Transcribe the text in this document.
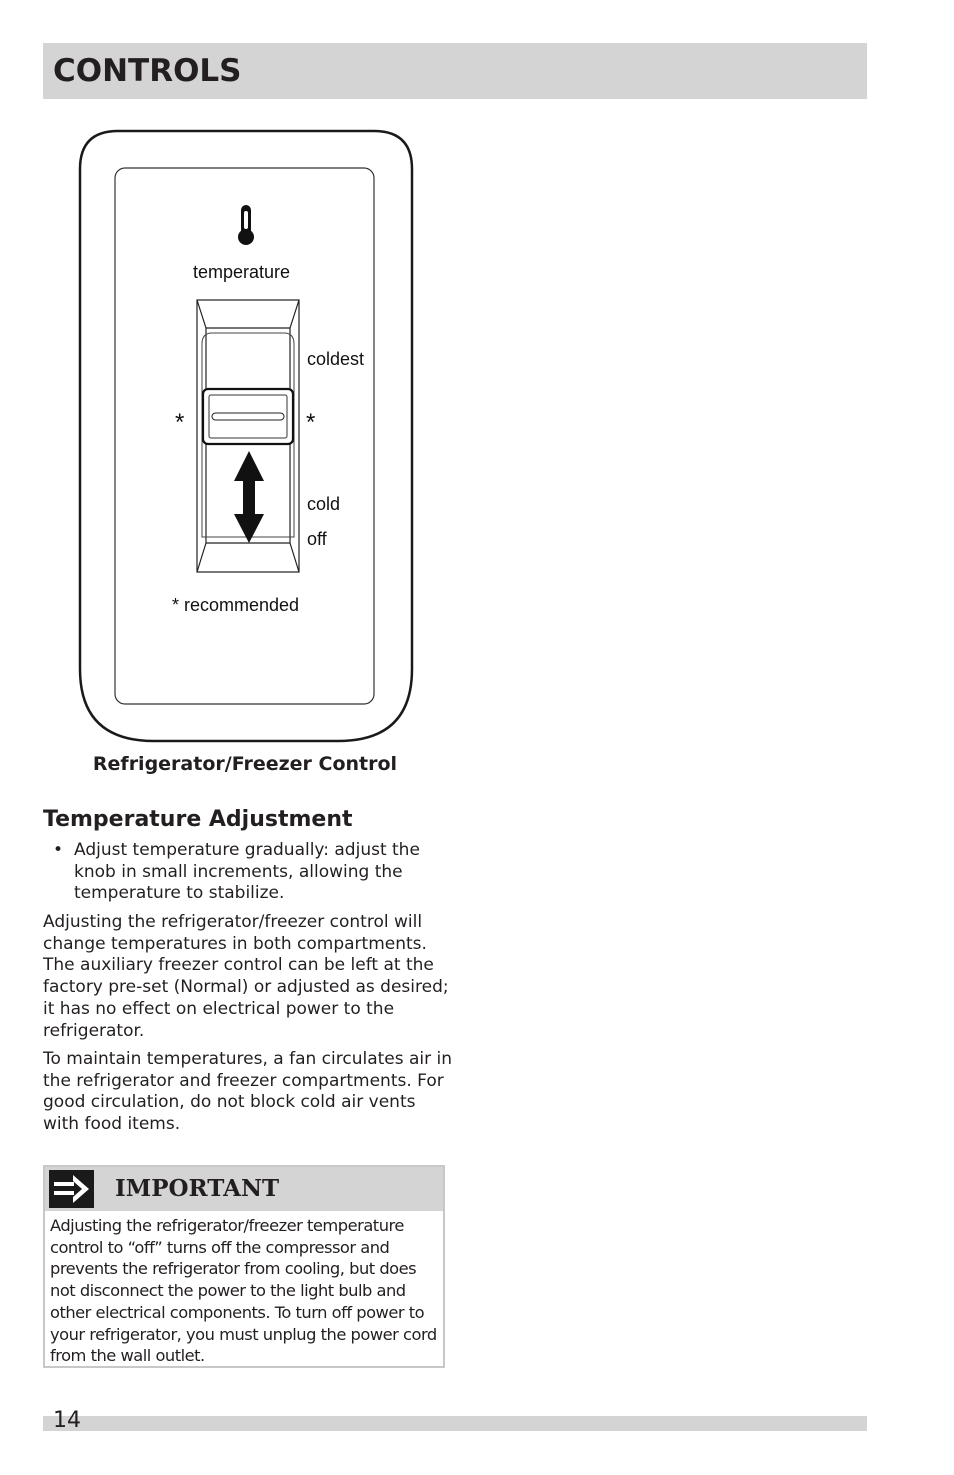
CONTROLS
temperature
coldest
cold
off
*	*
* recommended
Refrigerator/Freezer Control
Temperature Adjustment
• Adjust temperature gradually: adjust the knob in small increments, allowing the temperature to stabilize.

Adjusting the refrigerator/freezer control will change temperatures in both compartments. The auxiliary freezer control can be left at the factory pre-set (Normal) or adjusted as desired; it has no effect on electrical power to the refrigerator.

To maintain temperatures, a fan circulates air in the refrigerator and freezer compartments. For good circulation, do not block cold air vents with food items.

IMPORTANT

Adjusting the refrigerator/freezer temperature control to “off” turns off the compressor and prevents the refrigerator from cooling, but does not disconnect the power to the light bulb and other electrical components. To turn off power to your refrigerator, you must unplug the power cord from the wall outlet.

14
